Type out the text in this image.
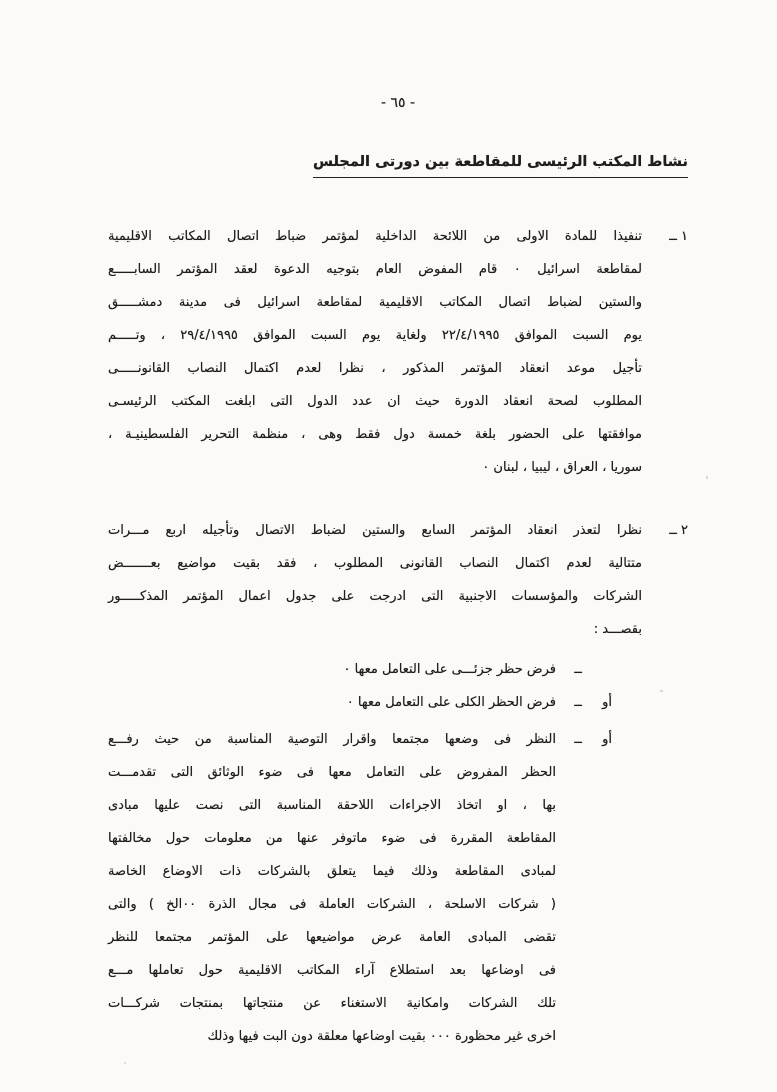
- ٦٥ -
نشاط المكتب الرئيسى للمقاطعة بين دورتى المجلس
١ ــ
تنفيذا للمادة الاولى من اللائحة الداخلية لمؤتمر ضباط اتصال المكاتب الاقليمية
لمقاطعة اسرائيل ٠ قام المفوض العام بتوجيه الدعوة لعقد المؤتمر السابـــــع
والستين لضباط اتصال المكاتب الاقليمية لمقاطعة اسرائيل فى مدينة دمشـــــق
يوم السبت الموافق ٢٢/٤/١٩٩٥ ولغاية يوم السبت الموافق ٢٩/٤/١٩٩٥ ، وتـــــم
تأجيل موعد انعقاد المؤتمر المذكور ، نظرا لعدم اكتمال النصاب القانونـــــى
المطلوب لصحة انعقاد الدورة حيث ان عدد الدول التى ابلغت المكتب الرئيسـى
موافقتها على الحضور بلغة خمسة دول فقط وهى ، منظمة التحرير الفلسطينيـة ،
سوريا ، العراق ، ليبيا ، لبنان ٠
٢ ــ
نظرا لتعذر انعقاد المؤتمر السابع والستين لضباط الاتصال وتأجيله اربع مـــرات
متتالية لعدم اكتمال النصاب القانونى المطلوب ، فقد بقيت مواضيع بعـــــــض
الشركات والمؤسسات الاجنبية التى ادرجت على جدول اعمال المؤتمر المذكـــــور
بقصـــد :
ــ
فرض حظر جزئـــى على التعامل معها ٠
أو
ــ
فرض الحظر الكلى على التعامل معها ٠
أو
ــ
النظر فى وضعها مجتمعا واقرار التوصية المناسبة من حيث رفـــع
الحظر المفروض على التعامل معها فى ضوء الوثائق التى تقدمـــت
بها ، او اتخاذ الاجراءات اللاحقة المناسبة التى نصت عليها مبادى
المقاطعة المقررة فى ضوء ماتوفر عنها من معلومات حول مخالفتها
لمبادى المقاطعة وذلك فيما يتعلق بالشركات ذات الاوضاع الخاصة
( شركات الاسلحة ، الشركات العاملة فى مجال الذرة ٠٠الخ ) والتى
تقضى المبادى العامة عرض مواضيعها على المؤتمر مجتمعا للنظر
فى اوضاعها بعد استطلاع آراء المكاتب الاقليمية حول تعاملها مـــع
تلك الشركات وامكانية الاستغناء عن منتجاتها بمنتجات شركـــات
اخرى غير محظورة ٠٠٠ بقيت اوضاعها معلقة دون البت فيها وذلك
